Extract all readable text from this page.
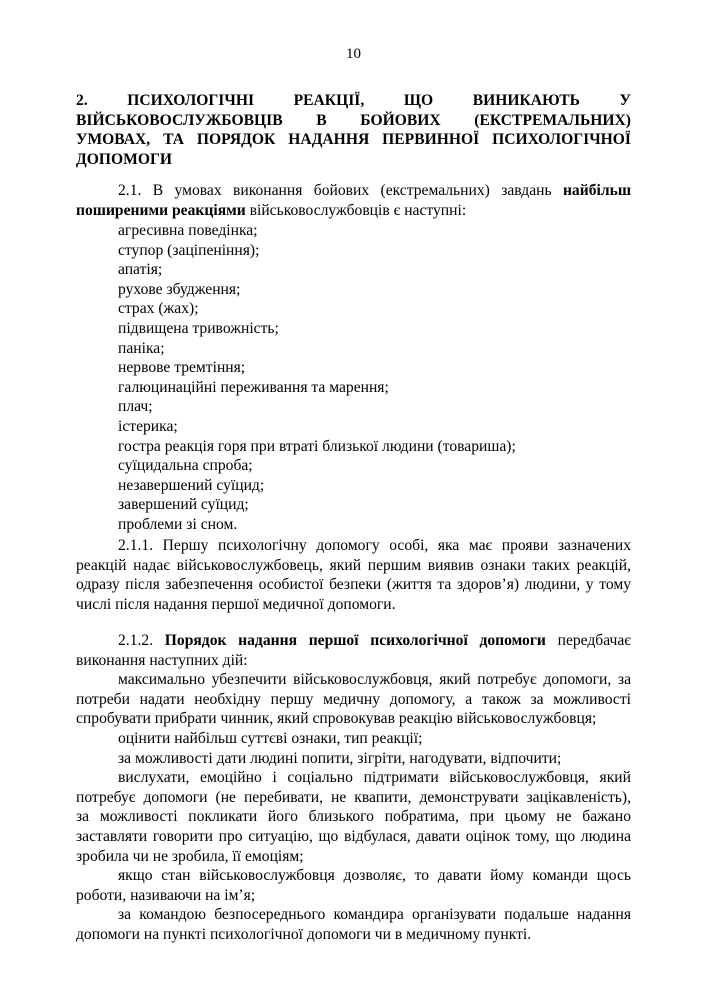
10
2. ПСИХОЛОГІЧНІ РЕАКЦІЇ, ЩО ВИНИКАЮТЬ У
ВІЙСЬКОВОСЛУЖБОВЦІВ В БОЙОВИХ (ЕКСТРЕМАЛЬНИХ)
УМОВАХ, ТА ПОРЯДОК НАДАННЯ ПЕРВИННОЇ ПСИХОЛОГІЧНОЇ
ДОПОМОГИ
2.1. В умовах виконання бойових (екстремальних) завдань найбільш
поширеними реакціями військовослужбовців є наступні:
агресивна поведінка;
ступор (заціпеніння);
апатія;
рухове збудження;
страх (жах);
підвищена тривожність;
паніка;
нервове тремтіння;
галюцинаційні переживання та марення;
плач;
істерика;
гостра реакція горя при втраті близької людини (товариша);
суїцидальна спроба;
незавершений суїцид;
завершений суїцид;
проблеми зі сном.
2.1.1. Першу психологічну допомогу особі, яка має прояви зазначених
реакцій надає військовослужбовець, який першим виявив ознаки таких реакцій,
одразу після забезпечення особистої безпеки (життя та здоров’я) людини, у тому
числі після надання першої медичної допомоги.
2.1.2. Порядок надання першої психологічної допомоги передбачає
виконання наступних дій:
максимально убезпечити військовослужбовця, який потребує допомоги, за
потреби надати необхідну першу медичну допомогу, а також за можливості
спробувати прибрати чинник, який спровокував реакцію військовослужбовця;
оцінити найбільш суттєві ознаки, тип реакції;
за можливості дати людині попити, зігріти, нагодувати, відпочити;
вислухати, емоційно і соціально підтримати військовослужбовця, який
потребує допомоги (не перебивати, не квапити, демонструвати зацікавленість),
за можливості покликати його близького побратима, при цьому не бажано
заставляти говорити про ситуацію, що відбулася, давати оцінок тому, що людина
зробила чи не зробила, її емоціям;
якщо стан військовослужбовця дозволяє, то давати йому команди щось
роботи, називаючи на ім’я;
за командою безпосереднього командира організувати подальше надання
допомоги на пункті психологічної допомоги чи в медичному пункті.
